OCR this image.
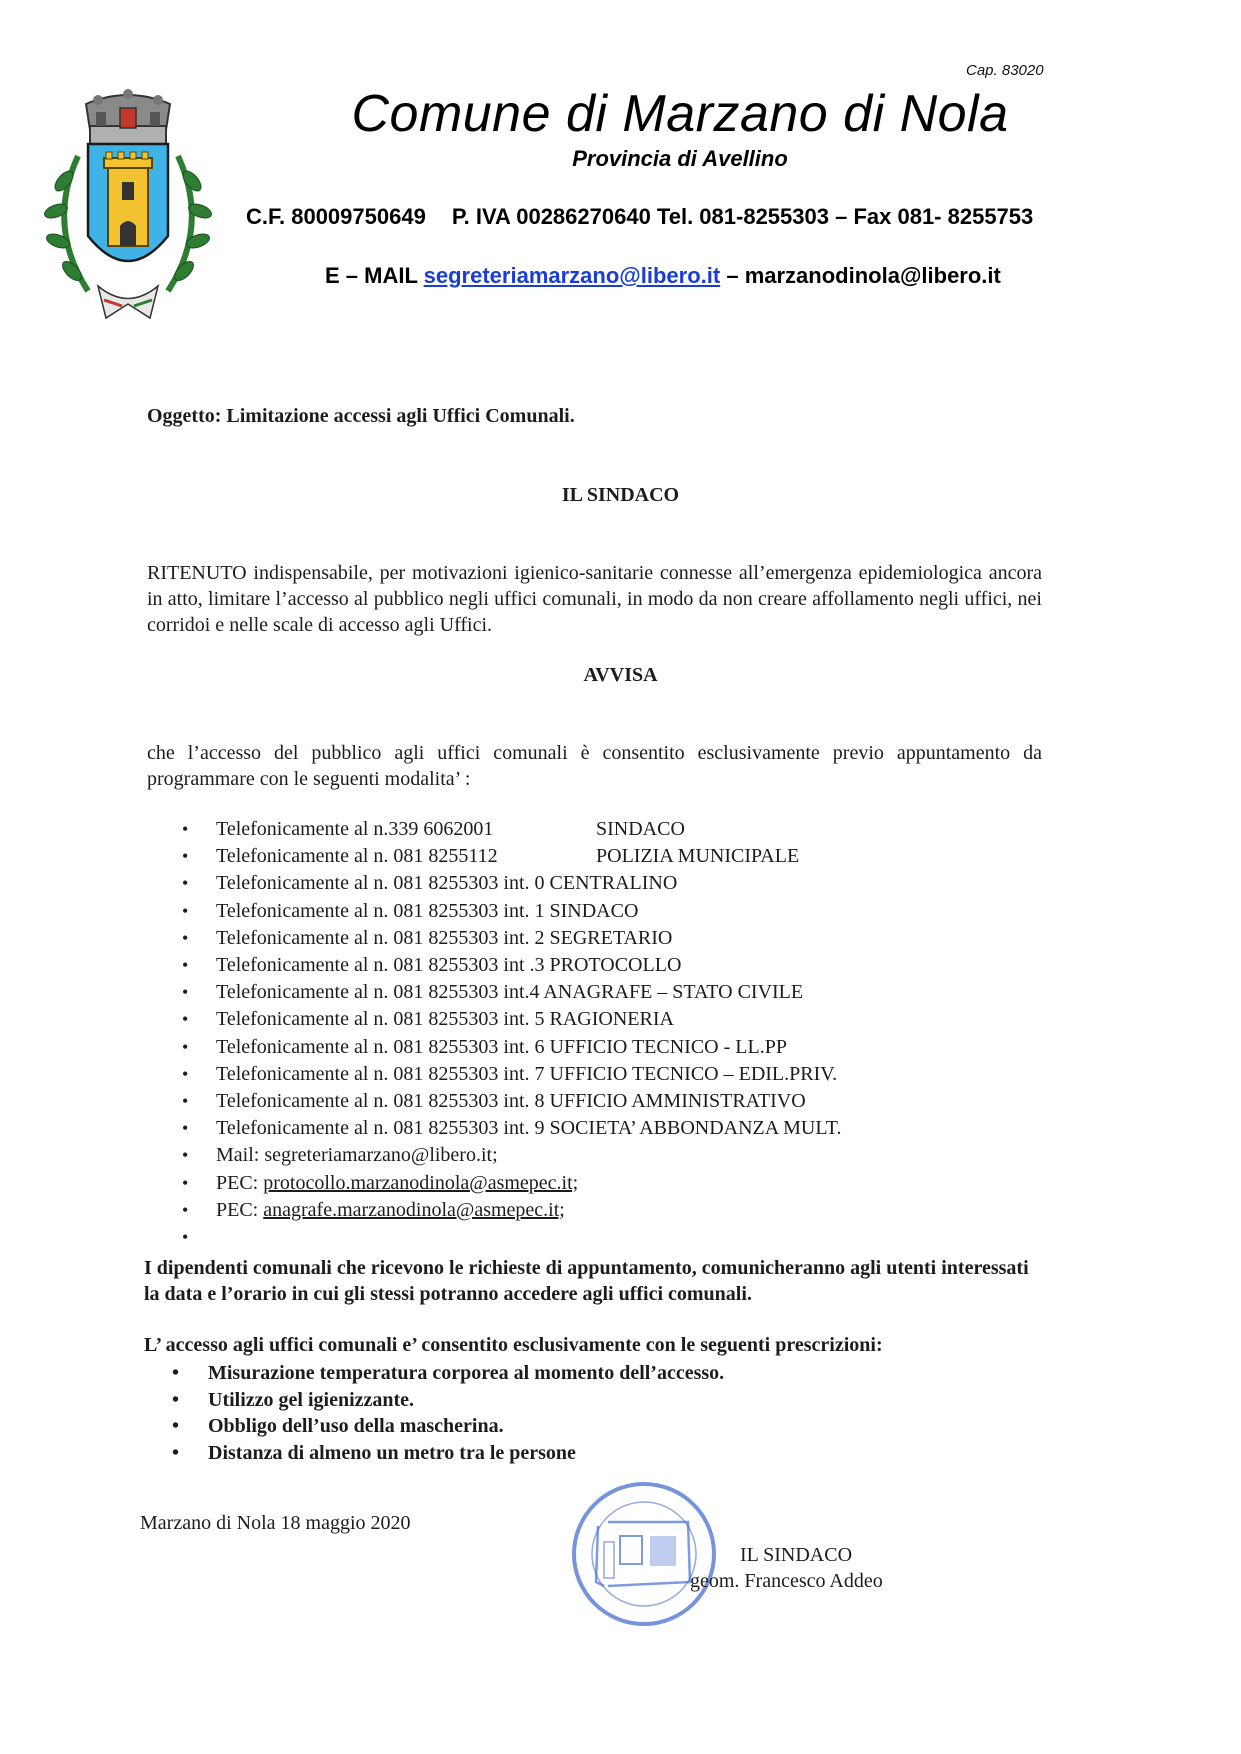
Cap. 83020
Comune di Marzano di Nola
Provincia di Avellino
C.F. 80009750649 P. IVA 00286270640 Tel. 081-8255303 – Fax 081- 8255753
E – MAIL segreteriamarzano@libero.it – marzanodinola@libero.it
Oggetto: Limitazione accessi agli Uffici Comunali.
IL SINDACO
RITENUTO indispensabile, per motivazioni igienico-sanitarie connesse all’emergenza epidemiologica ancora in atto, limitare l’accesso al pubblico negli uffici comunali, in modo da non creare affollamento negli uffici, nei corridoi e nelle scale di accesso agli Uffici.
AVVISA
che l’accesso del pubblico agli uffici comunali è consentito esclusivamente previo appuntamento da programmare con le seguenti modalita’ :
• Telefonicamente al n.339 6062001	SINDACO
• Telefonicamente al n. 081 8255112	POLIZIA MUNICIPALE
• Telefonicamente al n. 081 8255303 int. 0 CENTRALINO
• Telefonicamente al n. 081 8255303 int. 1 SINDACO
• Telefonicamente al n. 081 8255303 int. 2 SEGRETARIO
• Telefonicamente al n. 081 8255303 int .3 PROTOCOLLO
• Telefonicamente al n. 081 8255303 int.4 ANAGRAFE – STATO CIVILE
• Telefonicamente al n. 081 8255303 int. 5 RAGIONERIA
• Telefonicamente al n. 081 8255303 int. 6 UFFICIO TECNICO - LL.PP
• Telefonicamente al n. 081 8255303 int. 7 UFFICIO TECNICO – EDIL.PRIV.
• Telefonicamente al n. 081 8255303 int. 8 UFFICIO AMMINISTRATIVO
• Telefonicamente al n. 081 8255303 int. 9 SOCIETA’ ABBONDANZA MULT.
• Mail: segreteriamarzano@libero.it;
• PEC: protocollo.marzanodinola@asmepec.it;
• PEC: anagrafe.marzanodinola@asmepec.it;
•
I dipendenti comunali che ricevono le richieste di appuntamento, comunicheranno agli utenti interessati la data e l’orario in cui gli stessi potranno accedere agli uffici comunali.
L’ accesso agli uffici comunali e’ consentito esclusivamente con le seguenti prescrizioni:
• Misurazione temperatura corporea al momento dell’accesso.
• Utilizzo gel igienizzante.
• Obbligo dell’uso della mascherina.
• Distanza di almeno un metro tra le persone
Marzano di Nola 18 maggio 2020
IL SINDACO
geom. Francesco Addeo
